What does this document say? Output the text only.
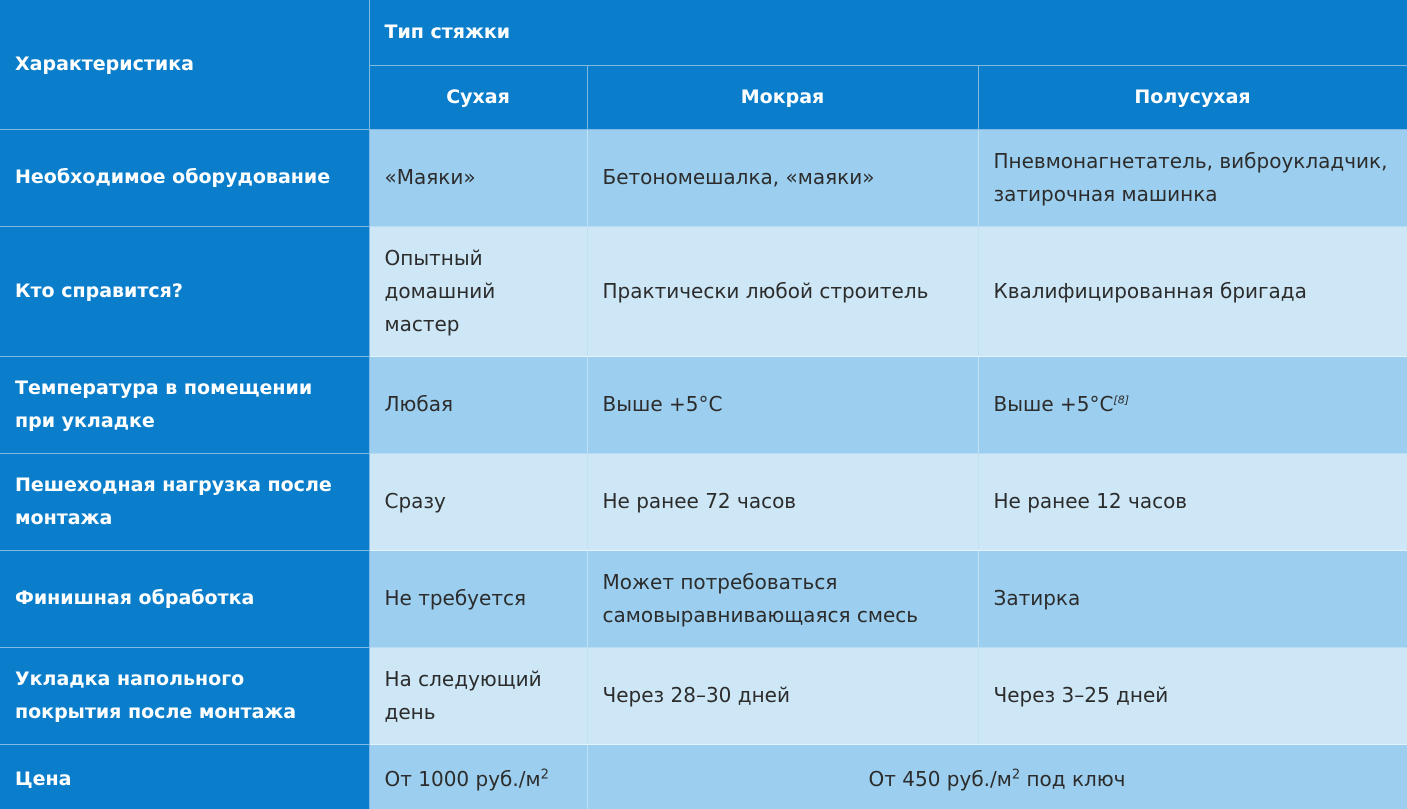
Характеристика	Тип стяжки		
	Сухая	Мокрая	Полусухая
Необходимое оборудование	«Маяки»	Бетономешалка, «маяки»	Пневмонагнетатель, виброукладчик, затирочная машинка
Кто справится?	Опытный домашний мастер	Практически любой строитель	Квалифицированная бригада
Температура в помещении при укладке	Любая	Выше +5°C	Выше +5°C[8]
Пешеходная нагрузка после монтажа	Сразу	Не ранее 72 часов	Не ранее 12 часов
Финишная обработка	Не требуется	Может потребоваться самовыравнивающаяся смесь	Затирка
Укладка напольного покрытия после монтажа	На следующий день	Через 28–30 дней	Через 3–25 дней
Цена	От 1000 $руб./м^2$	От 450 $руб./м^2$ под ключ	
